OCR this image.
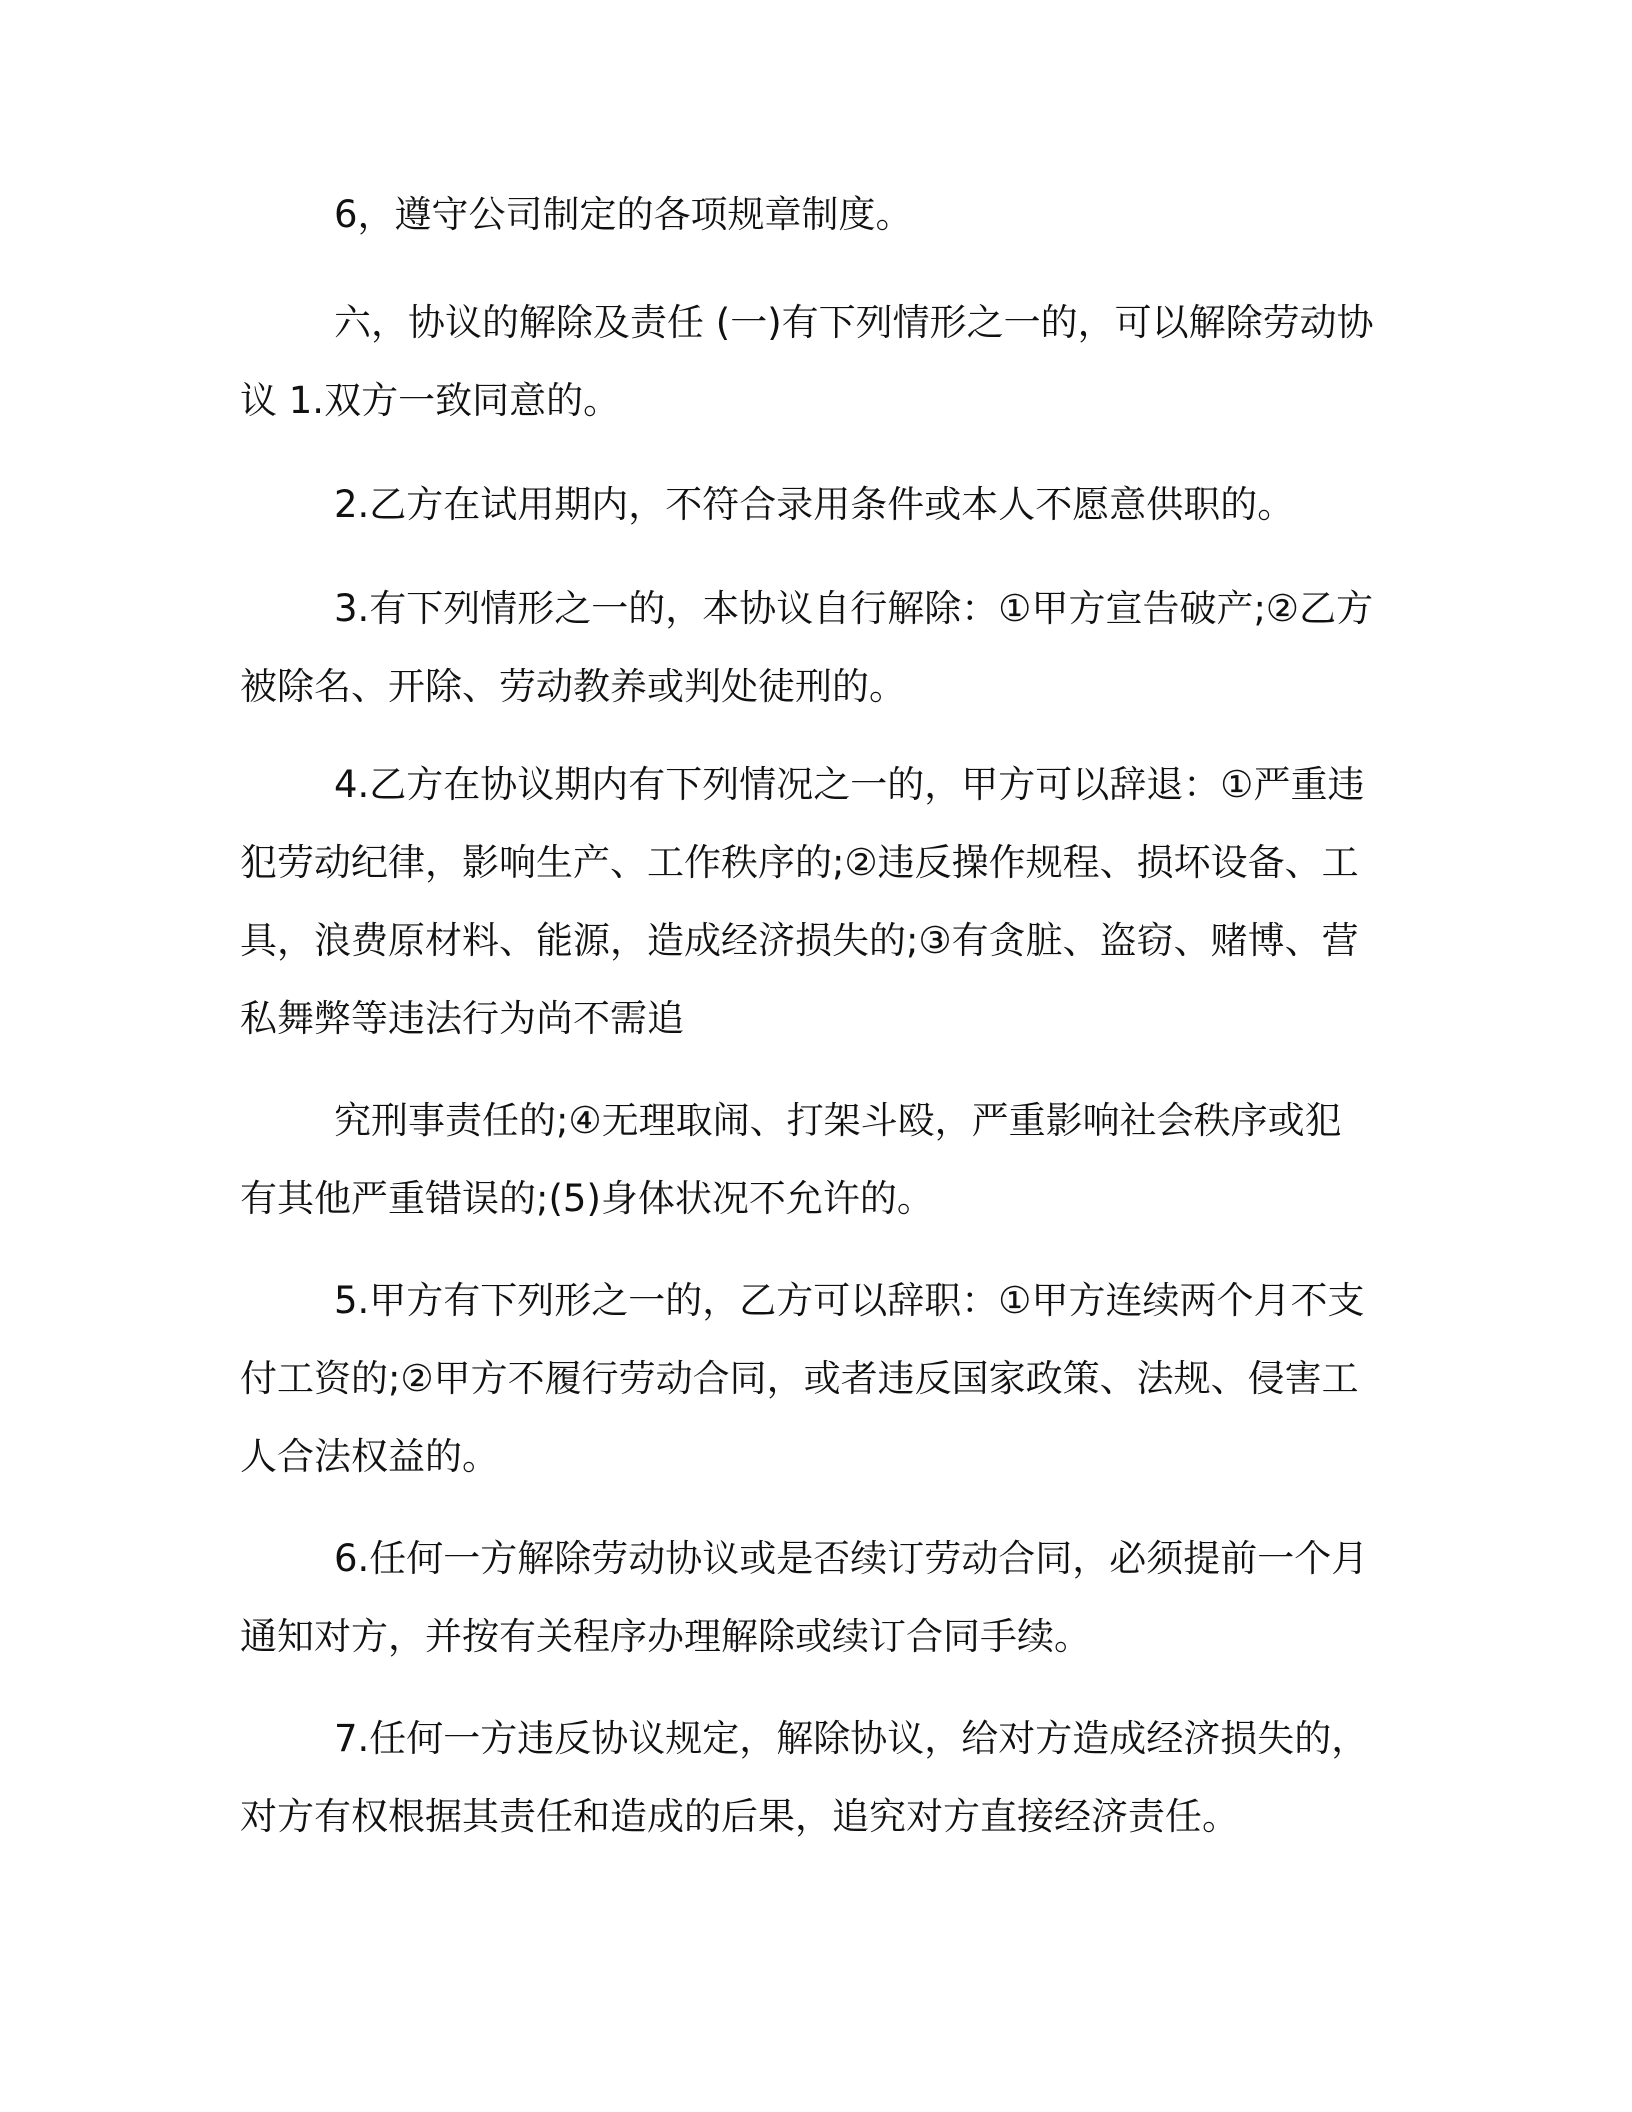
6，遵守公司制定的各项规章制度。
六，协议的解除及责任 (一)有下列情形之一的，可以解除劳动协
议 1.双方一致同意的。
2.乙方在试用期内，不符合录用条件或本人不愿意供职的。
3.有下列情形之一的，本协议自行解除：①甲方宣告破产;②乙方
被除名、开除、劳动教养或判处徒刑的。
4.乙方在协议期内有下列情况之一的，甲方可以辞退：①严重违
犯劳动纪律，影响生产、工作秩序的;②违反操作规程、损坏设备、工
具，浪费原材料、能源，造成经济损失的;③有贪脏、盗窃、赌博、营
私舞弊等违法行为尚不需追
究刑事责任的;④无理取闹、打架斗殴，严重影响社会秩序或犯
有其他严重错误的;(5)身体状况不允许的。
5.甲方有下列形之一的，乙方可以辞职：①甲方连续两个月不支
付工资的;②甲方不履行劳动合同，或者违反国家政策、法规、侵害工
人合法权益的。
6.任何一方解除劳动协议或是否续订劳动合同，必须提前一个月
通知对方，并按有关程序办理解除或续订合同手续。
7.任何一方违反协议规定，解除协议，给对方造成经济损失的，
对方有权根据其责任和造成的后果，追究对方直接经济责任。
